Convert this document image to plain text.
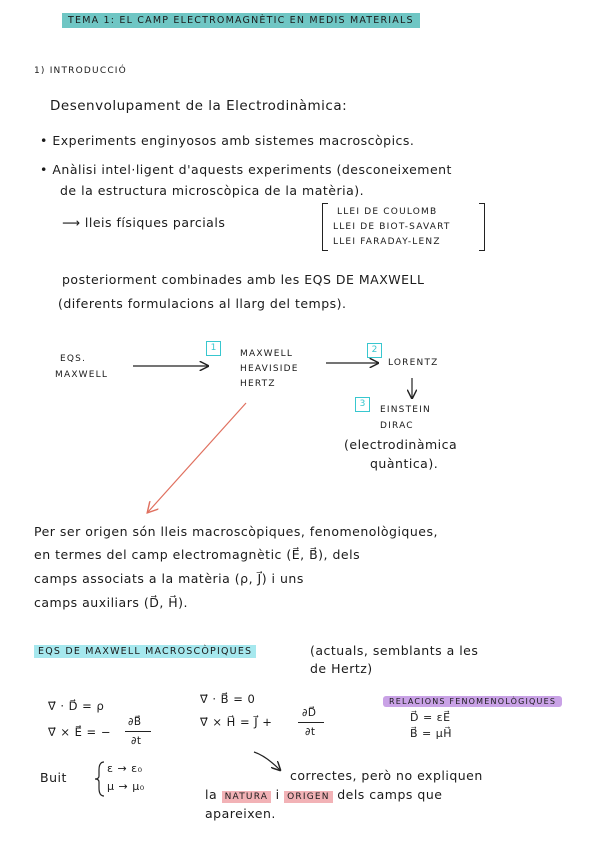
TEMA 1: EL CAMP ELECTROMAGNÈTIC EN MEDIS MATERIALS
1) INTRODUCCIÓ
Desenvolupament de la Electrodinàmica:
• Experiments enginyosos amb sistemes macroscòpics.
• Anàlisi intel·ligent d'aquests experiments (desconeixement
de la estructura microscòpica de la matèria).
⟶ lleis físiques parcials
LLEI DE COULOMB
LLEI DE BIOT-SAVART
LLEI FARADAY-LENZ
posteriorment combinades amb les EQS DE MAXWELL
(diferents formulacions al llarg del temps).
EQS.
MAXWELL
1
MAXWELL
HEAVISIDE
HERTZ
2
LORENTZ
3
EINSTEIN
DIRAC
(electrodinàmica
quàntica).
Per ser origen són lleis macroscòpiques, fenomenològiques,
en termes del camp electromagnètic (E⃗, B⃗), dels
camps associats a la matèria (ρ, J⃗) i uns
camps auxiliars (D⃗, H⃗).
EQS DE MAXWELL MACROSCÒPIQUES	(actuals, semblants a les
de Hertz)
RELACIONS FENOMENOLÒGIQUES
∇⃗ · D⃗ = ρ
∇⃗ × E⃗ = −
∂B⃗
∂t
∇⃗ · B⃗ = 0
∇⃗ × H⃗ = J⃗ +
∂D⃗
∂t
D⃗ = εE⃗
B⃗ = μH⃗
Buit
ε → ε₀
μ → μ₀
correctes, però no expliquen
la NATURA i ORIGEN dels camps que
apareixen.
